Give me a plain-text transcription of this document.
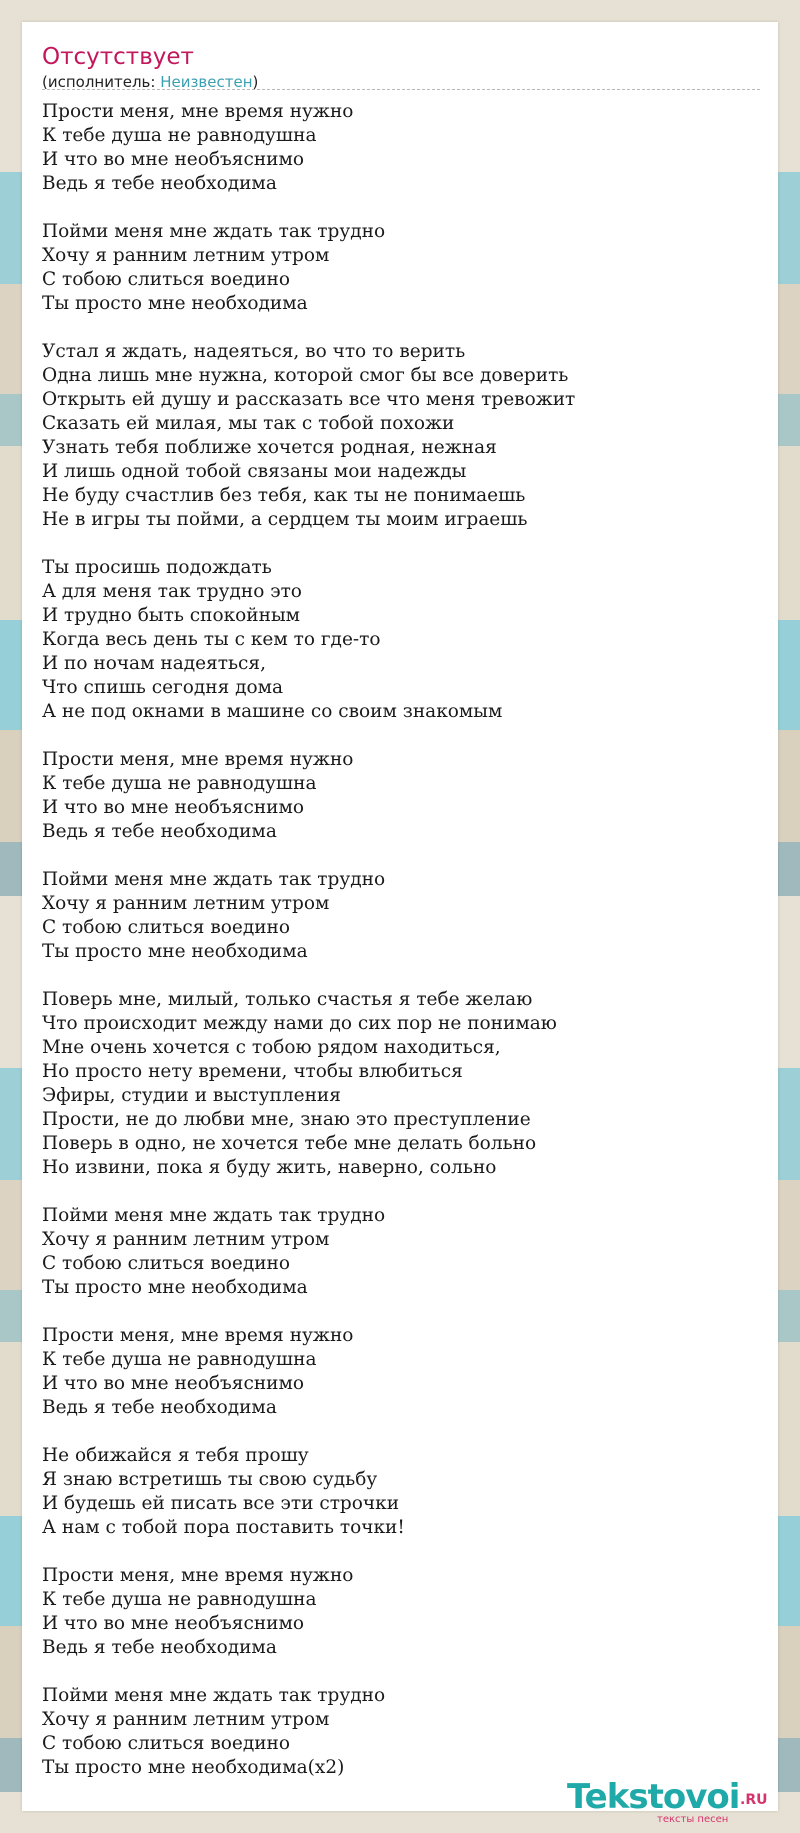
Отсутствует
(исполнитель: Неизвестен)
Прости меня, мне время нужно
К тебе душа не равнодушна
И что во мне необъяснимо
Ведь я тебе необходима
Пойми меня мне ждать так трудно
Хочу я ранним летним утром
С тобою слиться воедино
Ты просто мне необходима
Устал я ждать, надеяться, во что то верить
Одна лишь мне нужна, которой смог бы все доверить
Открыть ей душу и рассказать все что меня тревожит
Сказать ей милая, мы так с тобой похожи
Узнать тебя поближе хочется родная, нежная
И лишь одной тобой связаны мои надежды
Не буду счастлив без тебя, как ты не понимаешь
Не в игры ты пойми, а сердцем ты моим играешь
Ты просишь подождать
А для меня так трудно это
И трудно быть спокойным
Когда весь день ты с кем то где-то
И по ночам надеяться,
Что спишь сегодня дома
А не под окнами в машине со своим знакомым
Прости меня, мне время нужно
К тебе душа не равнодушна
И что во мне необъяснимо
Ведь я тебе необходима
Пойми меня мне ждать так трудно
Хочу я ранним летним утром
С тобою слиться воедино
Ты просто мне необходима
Поверь мне, милый, только счастья я тебе желаю
Что происходит между нами до сих пор не понимаю
Мне очень хочется с тобою рядом находиться,
Но просто нету времени, чтобы влюбиться
Эфиры, студии и выступления
Прости, не до любви мне, знаю это преступление
Поверь в одно, не хочется тебе мне делать больно
Но извини, пока я буду жить, наверно, сольно
Пойми меня мне ждать так трудно
Хочу я ранним летним утром
С тобою слиться воедино
Ты просто мне необходима
Прости меня, мне время нужно
К тебе душа не равнодушна
И что во мне необъяснимо
Ведь я тебе необходима
Не обижайся я тебя прошу
Я знаю встретишь ты свою судьбу
И будешь ей писать все эти строчки
А нам с тобой пора поставить точки!
Прости меня, мне время нужно
К тебе душа не равнодушна
И что во мне необъяснимо
Ведь я тебе необходима
Пойми меня мне ждать так трудно
Хочу я ранним летним утром
С тобою слиться воедино
Ты просто мне необходима(x2)
Tekstovoi .RU
тексты песен
